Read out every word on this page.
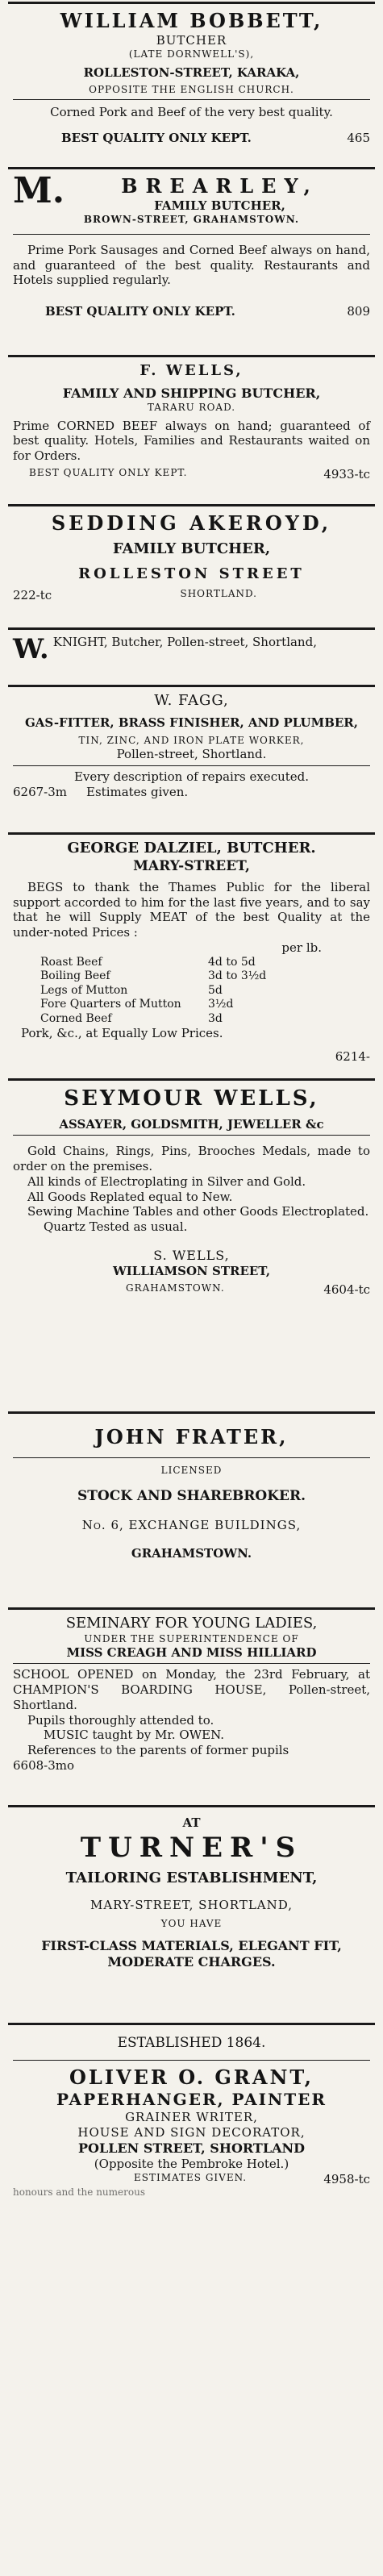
WILLIAM BOBBETT,
BUTCHER
(LATE DORNWELL'S),
ROLLESTON-STREET, KARAKA,
OPPOSITE THE ENGLISH CHURCH.
Corned Pork and Beef of the very best quality.
BEST QUALITY ONLY KEPT.	465
M.	BREARLEY,
FAMILY BUTCHER,
BROWN-STREET, GRAHAMSTOWN.
Prime Pork Sausages and Corned Beef always on hand, and guaranteed of the best quality. Restaurants and Hotels supplied regularly.
BEST QUALITY ONLY KEPT.	809
F. WELLS,
FAMILY AND SHIPPING BUTCHER,
TARARU ROAD.
Prime CORNED BEEF always on hand; guaranteed of best quality. Hotels, Families and Restaurants waited on for Orders.
BEST QUALITY ONLY KEPT.	4933-tc
SEDDING AKEROYD,
FAMILY BUTCHER,
ROLLESTON STREET
222-tc	SHORTLAND.
W. KNIGHT, Butcher, Pollen-street, Shortland,
W. FAGG,
GAS-FITTER, BRASS FINISHER, AND PLUMBER,
TIN, ZINC, AND IRON PLATE WORKER,
Pollen-street, Shortland.
Every description of repairs executed.
6267-3m Estimates given.
GEORGE DALZIEL, BUTCHER.
MARY-STREET,
BEGS to thank the Thames Public for the liberal support accorded to him for the last five years, and to say that he will Supply MEAT of the best Quality at the under-noted Prices :
per lb.
Roast Beef	4d to 5d
Boiling Beef	3d to 3½d
Legs of Mutton	5d
Fore Quarters of Mutton	3½d
Corned Beef	3d
Pork, &c., at Equally Low Prices.
6214-
SEYMOUR WELLS,
ASSAYER, GOLDSMITH, JEWELLER &c
Gold Chains, Rings, Pins, Brooches Medals, made to order on the premises.
All kinds of Electroplating in Silver and Gold.
All Goods Replated equal to New.
Sewing Machine Tables and other Goods Electroplated.
Quartz Tested as usual.
S. WELLS,
WILLIAMSON STREET,
GRAHAMSTOWN.	4604-tc
JOHN FRATER,
LICENSED
STOCK AND SHAREBROKER.
No. 6, EXCHANGE BUILDINGS,
GRAHAMSTOWN.
SEMINARY FOR YOUNG LADIES,
UNDER THE SUPERINTENDENCE OF
MISS CREAGH AND MISS HILLIARD
SCHOOL OPENED on Monday, the 23rd February, at CHAMPION'S BOARDING HOUSE, Pollen-street, Shortland.
Pupils thoroughly attended to.
MUSIC taught by Mr. OWEN.
References to the parents of former pupils
6608-3mo
AT
TURNER'S
TAILORING ESTABLISHMENT,
MARY-STREET, SHORTLAND,
YOU HAVE
FIRST-CLASS MATERIALS, ELEGANT FIT, MODERATE CHARGES.
ESTABLISHED 1864.
OLIVER O. GRANT,
PAPERHANGER, PAINTER
GRAINER WRITER,
HOUSE AND SIGN DECORATOR,
POLLEN STREET, SHORTLAND
(Opposite the Pembroke Hotel.)
ESTIMATES GIVEN.	4958-tc
honours and the numerous
